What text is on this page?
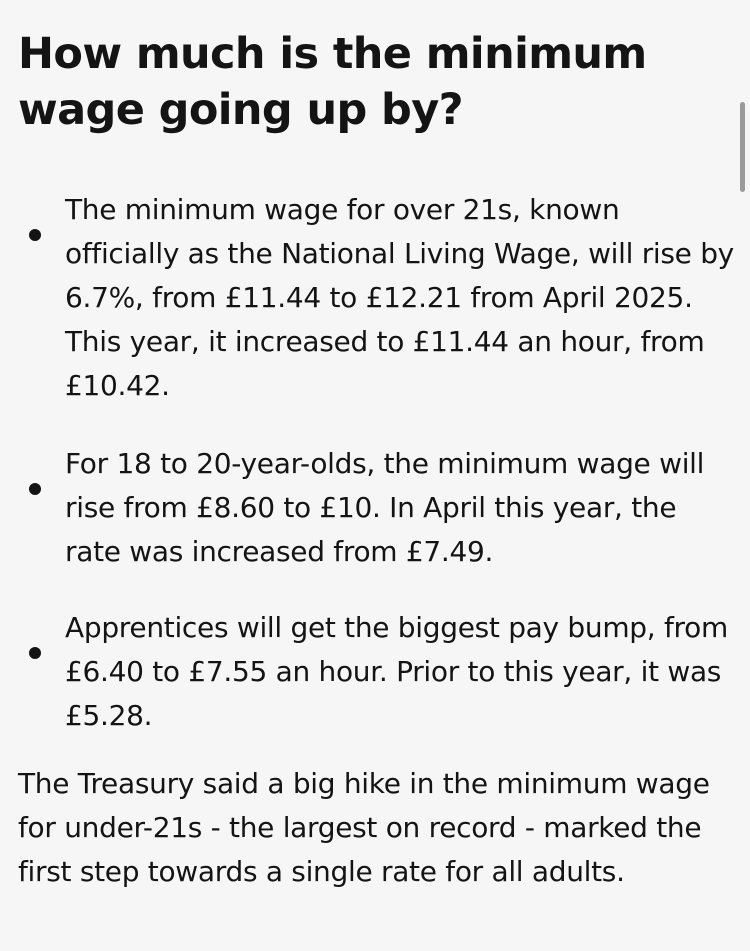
How much is the minimum wage going up by?
The minimum wage for over 21s, known officially as the National Living Wage, will rise by 6.7%, from £11.44 to £12.21 from April 2025. This year, it increased to £11.44 an hour, from £10.42.
For 18 to 20-year-olds, the minimum wage will rise from £8.60 to £10. In April this year, the rate was increased from £7.49.
Apprentices will get the biggest pay bump, from £6.40 to £7.55 an hour. Prior to this year, it was £5.28.

The Treasury said a big hike in the minimum wage for under-21s - the largest on record - marked the first step towards a single rate for all adults.
